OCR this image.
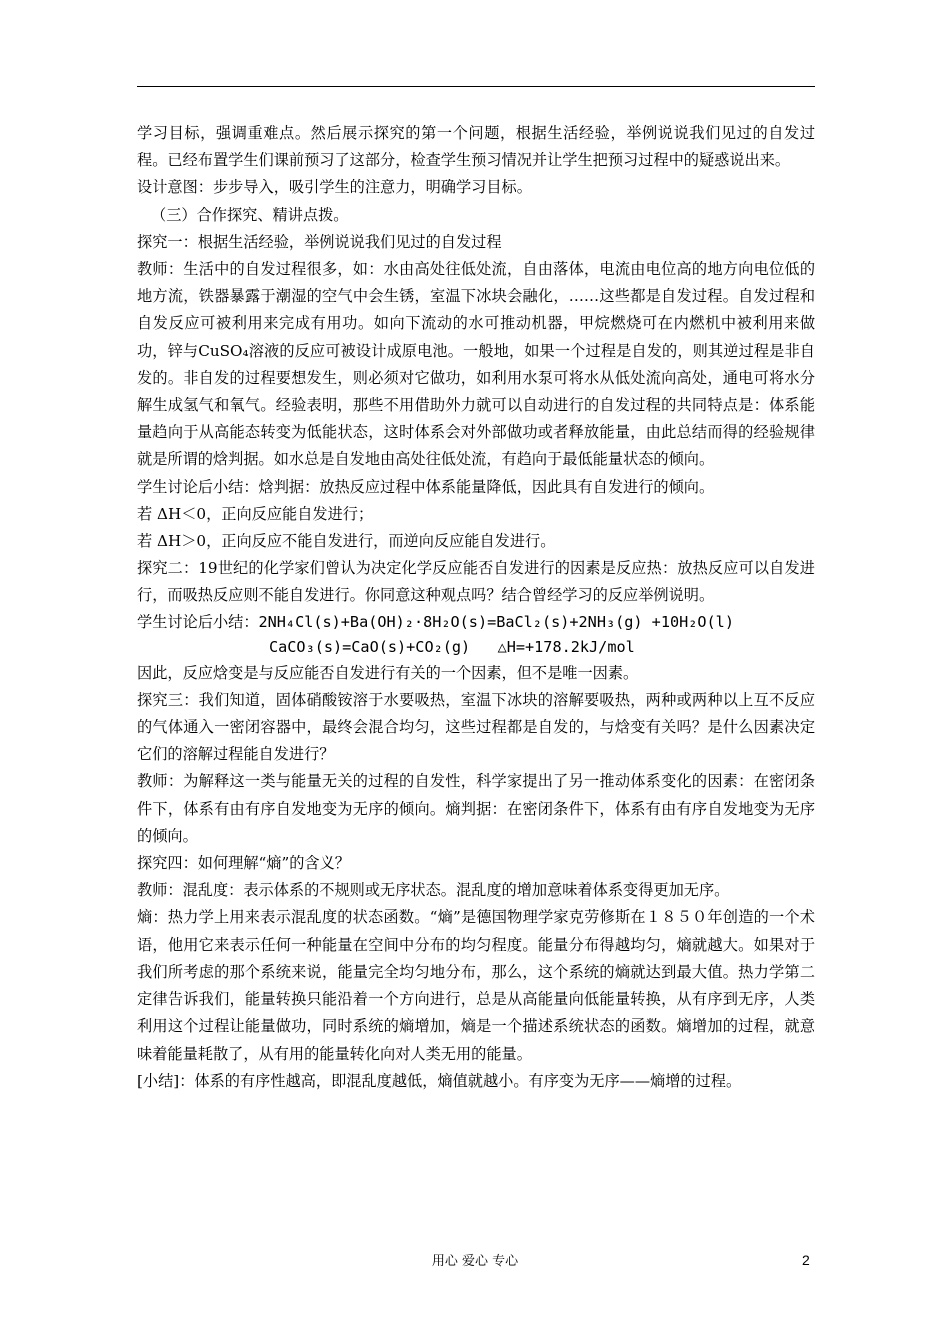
学习目标，强调重难点。然后展示探究的第一个问题，根据生活经验，举例说说我们见过的自发过程。已经布置学生们课前预习了这部分，检查学生预习情况并让学生把预习过程中的疑惑说出来。

设计意图：步步导入，吸引学生的注意力，明确学习目标。

（三）合作探究、精讲点拨。

探究一：根据生活经验，举例说说我们见过的自发过程

教师：生活中的自发过程很多，如：水由高处往低处流，自由落体，电流由电位高的地方向电位低的地方流，铁器暴露于潮湿的空气中会生锈，室温下冰块会融化，……这些都是自发过程。自发过程和自发反应可被利用来完成有用功。如向下流动的水可推动机器，甲烷燃烧可在内燃机中被利用来做功，锌与CuSO₄溶液的反应可被设计成原电池。一般地，如果一个过程是自发的，则其逆过程是非自发的。非自发的过程要想发生，则必须对它做功，如利用水泵可将水从低处流向高处，通电可将水分解生成氢气和氧气。经验表明，那些不用借助外力就可以自动进行的自发过程的共同特点是：体系能量趋向于从高能态转变为低能状态，这时体系会对外部做功或者释放能量，由此总结而得的经验规律就是所谓的焓判据。如水总是自发地由高处往低处流，有趋向于最低能量状态的倾向。

学生讨论后小结：焓判据：放热反应过程中体系能量降低，因此具有自发进行的倾向。

若 ΔH＜0，正向反应能自发进行；

若 ΔH＞0，正向反应不能自发进行，而逆向反应能自发进行。

探究二：19世纪的化学家们曾认为决定化学反应能否自发进行的因素是反应热：放热反应可以自发进行，而吸热反应则不能自发进行。你同意这种观点吗？结合曾经学习的反应举例说明。

学生讨论后小结：2NH₄Cl(s)+Ba(OH)₂·8H₂O(s)=BaCl₂(s)+2NH₃(g) +10H₂O(l)

CaCO₃(s)=CaO(s)+CO₂(g)   △H=+178.2kJ/mol

因此，反应焓变是与反应能否自发进行有关的一个因素，但不是唯一因素。

探究三：我们知道，固体硝酸铵溶于水要吸热，室温下冰块的溶解要吸热，两种或两种以上互不反应的气体通入一密闭容器中，最终会混合均匀，这些过程都是自发的，与焓变有关吗？是什么因素决定它们的溶解过程能自发进行？

教师：为解释这一类与能量无关的过程的自发性，科学家提出了另一推动体系变化的因素：在密闭条件下，体系有由有序自发地变为无序的倾向。熵判据：在密闭条件下，体系有由有序自发地变为无序的倾向。

探究四：如何理解“熵”的含义？

教师：混乱度：表示体系的不规则或无序状态。混乱度的增加意味着体系变得更加无序。

熵：热力学上用来表示混乱度的状态函数。“熵”是德国物理学家克劳修斯在１８５０年创造的一个术语，他用它来表示任何一种能量在空间中分布的均匀程度。能量分布得越均匀，熵就越大。如果对于我们所考虑的那个系统来说，能量完全均匀地分布，那么，这个系统的熵就达到最大值。热力学第二定律告诉我们，能量转换只能沿着一个方向进行，总是从高能量向低能量转换，从有序到无序，人类利用这个过程让能量做功，同时系统的熵增加，熵是一个描述系统状态的函数。熵增加的过程，就意味着能量耗散了，从有用的能量转化向对人类无用的能量。

[小结]：体系的有序性越高，即混乱度越低，熵值就越小。有序变为无序——熵增的过程。

用心 爱心 专心	2
